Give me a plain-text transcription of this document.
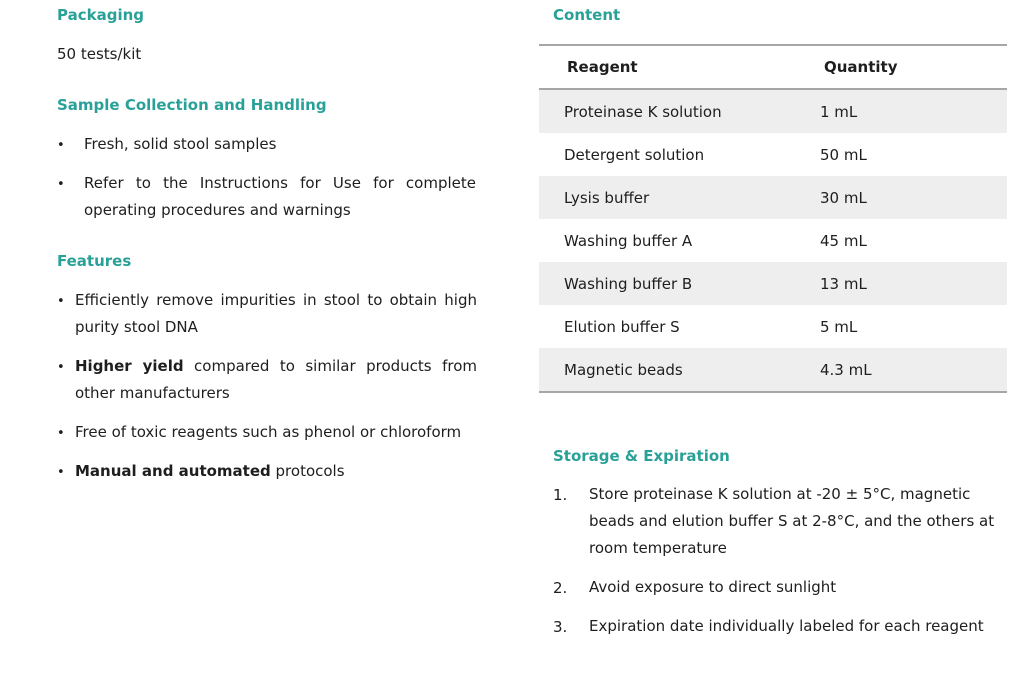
Packaging
50 tests/kit
Sample Collection and Handling
• Fresh, solid stool samples
• Refer to the Instructions for Use for complete operating procedures and warnings
Features
• Efficiently remove impurities in stool to obtain high purity stool DNA
• Higher yield compared to similar products from other manufacturers
• Free of toxic reagents such as phenol or chloroform
• Manual and automated protocols
Content
Reagent	Quantity
Proteinase K solution	1 mL
Detergent solution	50 mL
Lysis buffer	30 mL
Washing buffer A	45 mL
Washing buffer B	13 mL
Elution buffer S	5 mL
Magnetic beads	4.3 mL
Storage & Expiration
1. Store proteinase K solution at -20 ± 5°C, magnetic beads and elution buffer S at 2-8°C, and the others at room temperature
2. Avoid exposure to direct sunlight
3. Expiration date individually labeled for each reagent
